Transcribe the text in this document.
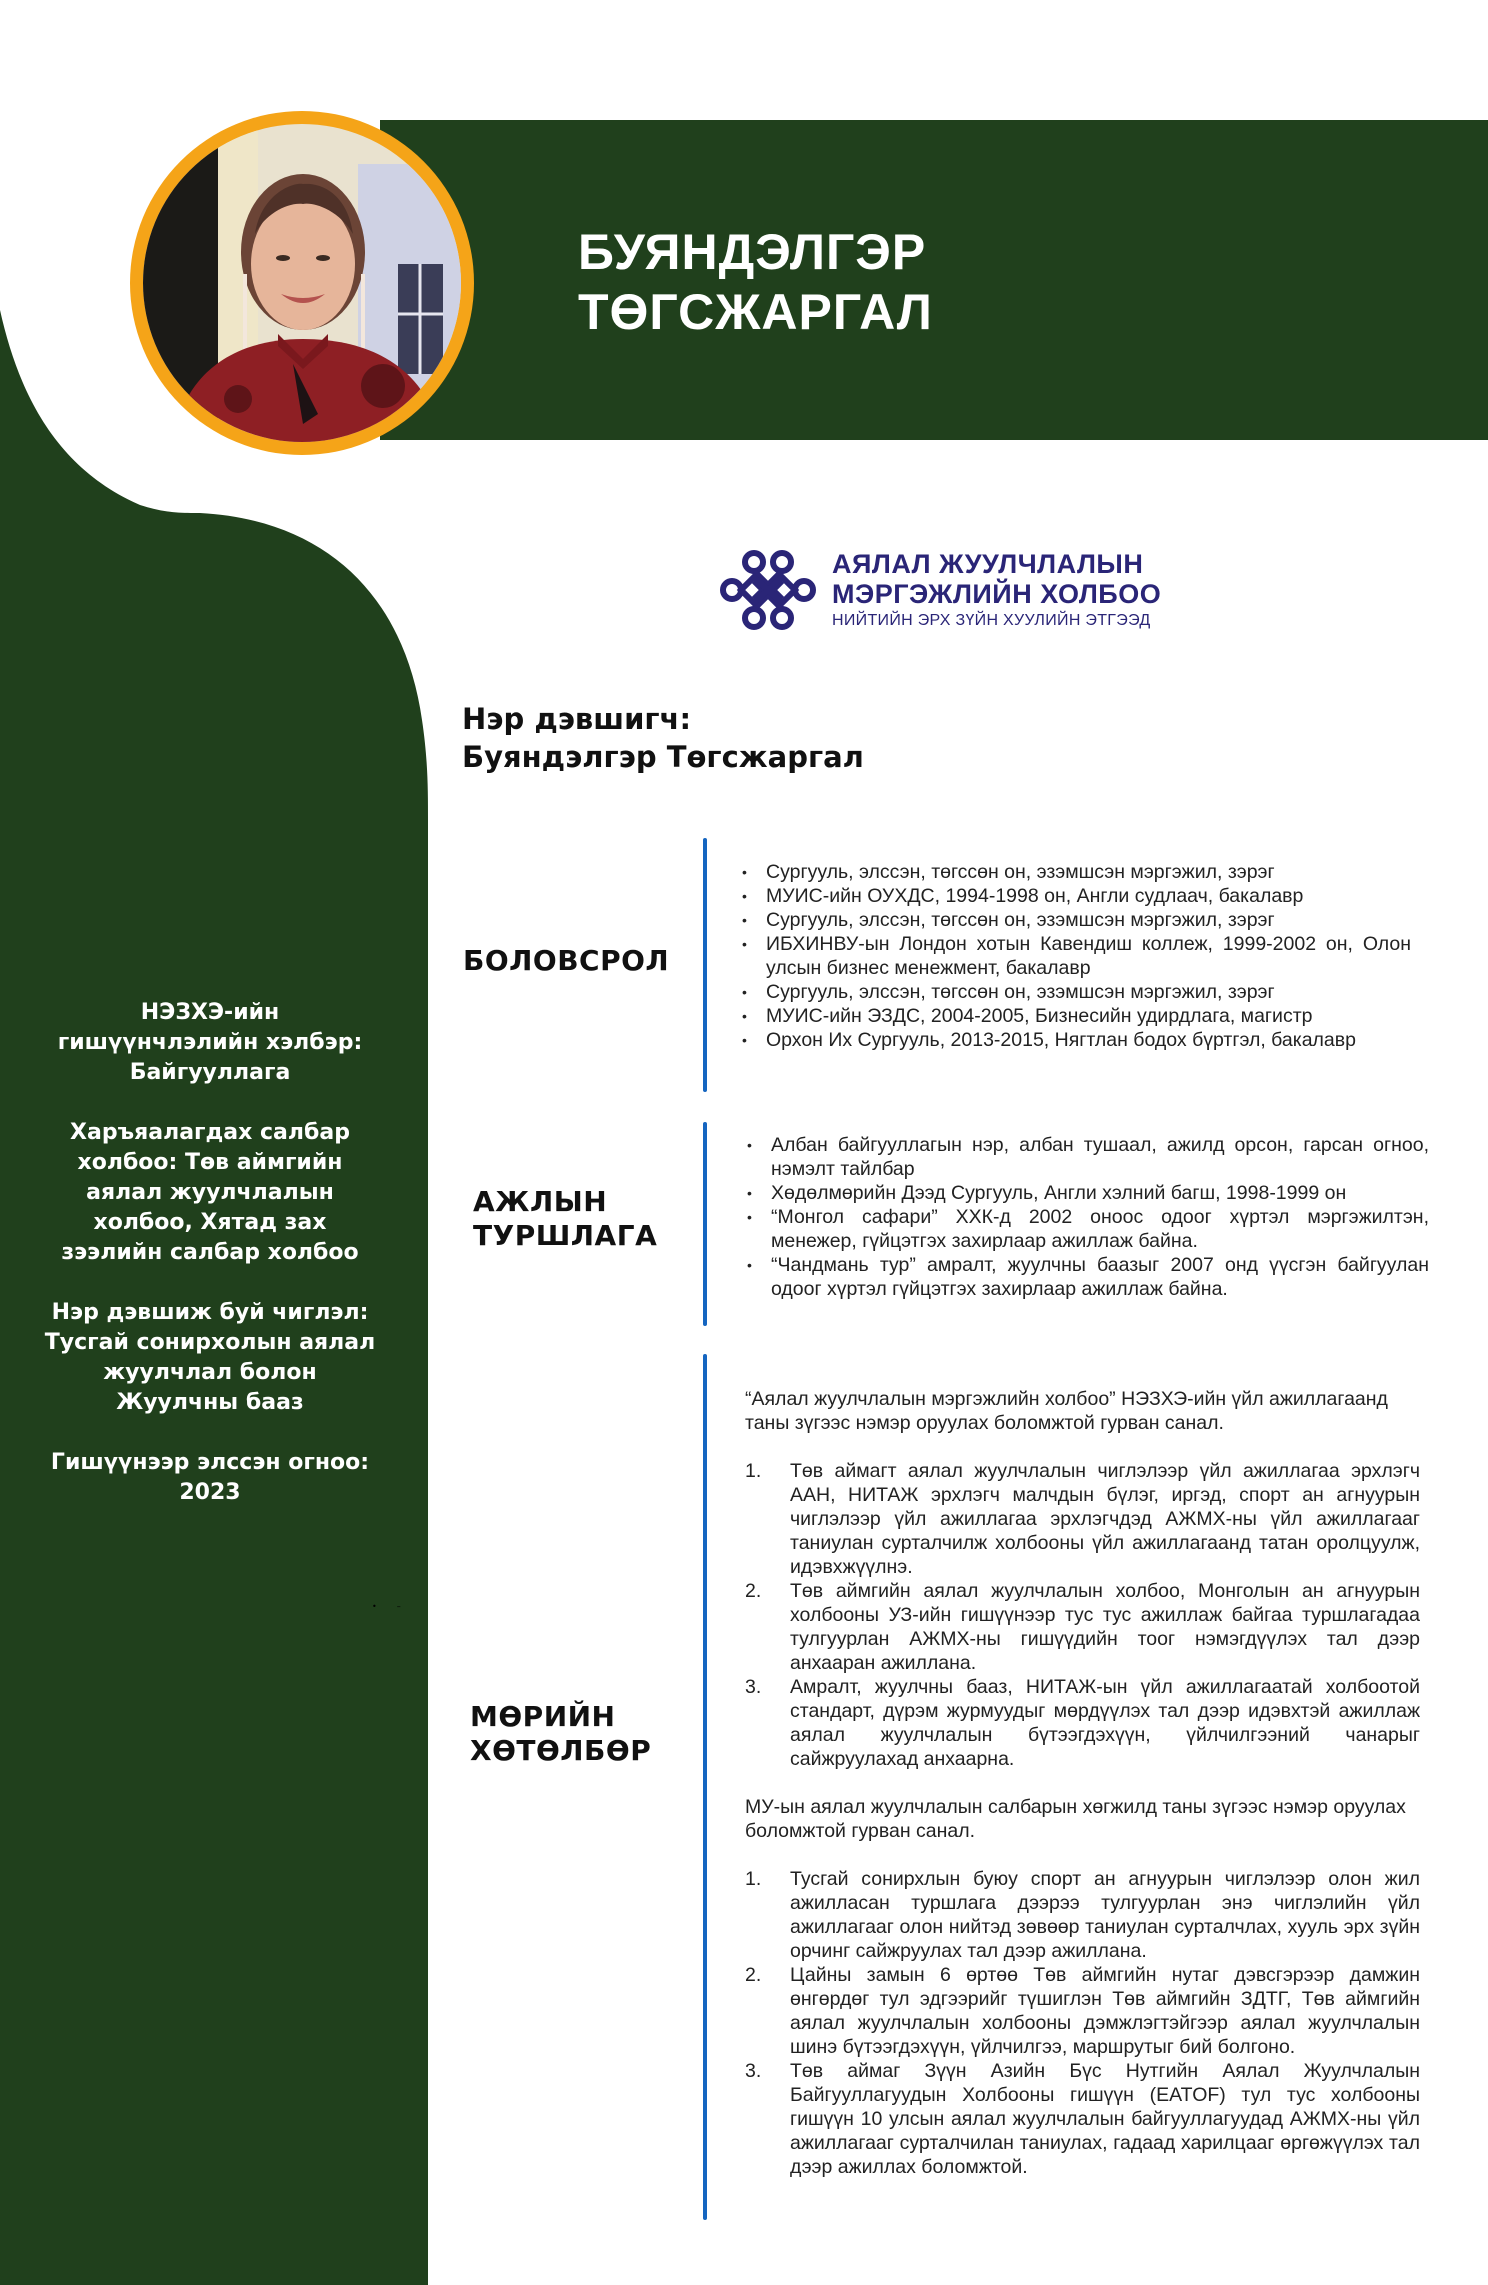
БУЯНДЭЛГЭР
ТӨГСЖАРГАЛ
АЯЛАЛ ЖУУЛЧЛАЛЫН
МЭРГЭЖЛИЙН ХОЛБОО
НИЙТИЙН ЭРХ ЗҮЙН ХУУЛИЙН ЭТГЭЭД
Нэр дэвшигч:
Буяндэлгэр Төгсжаргал

НЭЗХЭ-ийн гишүүнчлэлийн хэлбэр: Байгууллага

Харъяалагдах салбар холбоо: Төв аймгийн аялал жуулчлалын холбоо, Хятад зах зээлийн салбар холбоо

Нэр дэвшиж буй чиглэл: Тусгай сонирхолын аялал жуулчлал болон Жуулчны бааз

Гишүүнээр элссэн огноо: 2023

•–
БОЛОВСРОЛ
• Сургууль, элссэн, төгссөн он, эзэмшсэн мэргэжил, зэрэг
• МУИС-ийн ОУХДС, 1994-1998 он, Англи судлаач, бакалавр
• Сургууль, элссэн, төгссөн он, эзэмшсэн мэргэжил, зэрэг
• ИБХИНВУ-ын Лондон хотын Кавендиш коллеж, 1999-2002 он, Олон улсын бизнес менежмент, бакалавр
• Сургууль, элссэн, төгссөн он, эзэмшсэн мэргэжил, зэрэг
• МУИС-ийн ЭЗДС, 2004-2005, Бизнесийн удирдлага, магистр
• Орхон Их Сургууль, 2013-2015, Нягтлан бодох бүртгэл, бакалавр
АЖЛЫН
ТУРШЛАГА
• Албан байгууллагын нэр, албан тушаал, ажилд орсон, гарсан огноо, нэмэлт тайлбар
• Хөдөлмөрийн Дээд Сургууль, Англи хэлний багш, 1998-1999 он
• “Монгол сафари” ХХК-д 2002 оноос одоог хүртэл мэргэжилтэн, менежер, гүйцэтгэх захирлаар ажиллаж байна.
• “Чандмань тур” амралт, жуулчны баазыг 2007 онд үүсгэн байгуулан одоог хүртэл гүйцэтгэх захирлаар ажиллаж байна.
МӨРИЙН
ХӨТӨЛБӨР

“Аялал жуулчлалын мэргэжлийн холбоо” НЭЗХЭ-ийн үйл ажиллагаанд

таны зүгээс нэмэр оруулах боломжтой гурван санал.

1. Төв аймагт аялал жуулчлалын чиглэлээр үйл ажиллагаа эрхлэгч ААН, НИТАЖ эрхлэгч малчдын бүлэг, иргэд, спорт ан агнуурын чиглэлээр үйл ажиллагаа эрхлэгчдэд АЖМХ-ны үйл ажиллагааг таниулан сурталчилж холбооны үйл ажиллагаанд татан оролцуулж, идэвхжүүлнэ.
2. Төв аймгийн аялал жуулчлалын холбоо, Монголын ан агнуурын холбооны УЗ-ийн гишүүнээр тус тус ажиллаж байгаа туршлагадаа тулгуурлан АЖМХ-ны гишүүдийн тоог нэмэгдүүлэх тал дээр анхааран ажиллана.
3. Амралт, жуулчны бааз, НИТАЖ-ын үйл ажиллагаатай холбоотой стандарт, дүрэм журмуудыг мөрдүүлэх тал дээр идэвхтэй ажиллаж аялал жуулчлалын бүтээгдэхүүн, үйлчилгээний чанарыг сайжруулахад анхаарна.

МУ-ын аялал жуулчлалын салбарын хөгжилд таны зүгээс нэмэр оруулах боломжтой гурван санал.

1. Тусгай сонирхлын буюу спорт ан агнуурын чиглэлээр олон жил ажилласан туршлага дээрээ тулгуурлан энэ чиглэлийн үйл ажиллагааг олон нийтэд зөвөөр таниулан сурталчлах, хууль эрх зүйн орчинг сайжруулах тал дээр ажиллана.
2. Цайны замын 6 өртөө Төв аймгийн нутаг дэвсгэрээр дамжин өнгөрдөг тул эдгээрийг түшиглэн Төв аймгийн ЗДТГ, Төв аймгийн аялал жуулчлалын холбооны дэмжлэгтэйгээр аялал жуулчлалын шинэ бүтээгдэхүүн, үйлчилгээ, маршрутыг бий болгоно.
3. Төв аймаг Зүүн Азийн Бүс Нутгийн Аялал Жуулчлалын Байгууллагуудын Холбооны гишүүн (EATOF) тул тус холбооны гишүүн 10 улсын аялал жуулчлалын байгууллагуудад АЖМХ-ны үйл ажиллагааг сурталчилан таниулах, гадаад харилцааг өргөжүүлэх тал дээр ажиллах боломжтой.
